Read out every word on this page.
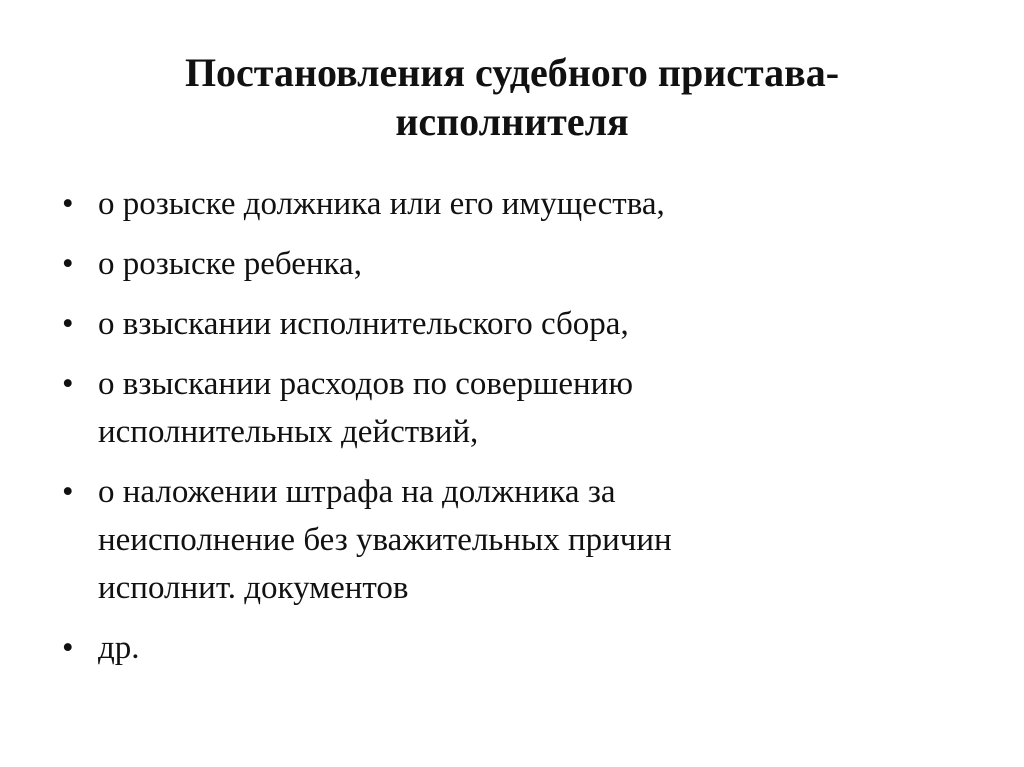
Постановления судебного пристава-
исполнителя
• о розыске должника или его имущества,
• о розыске ребенка,
• о взыскании исполнительского сбора,
• о взыскании расходов по совершению
исполнительных действий,
• о наложении штрафа на должника за
неисполнение без уважительных причин
исполнит. документов
• др.
